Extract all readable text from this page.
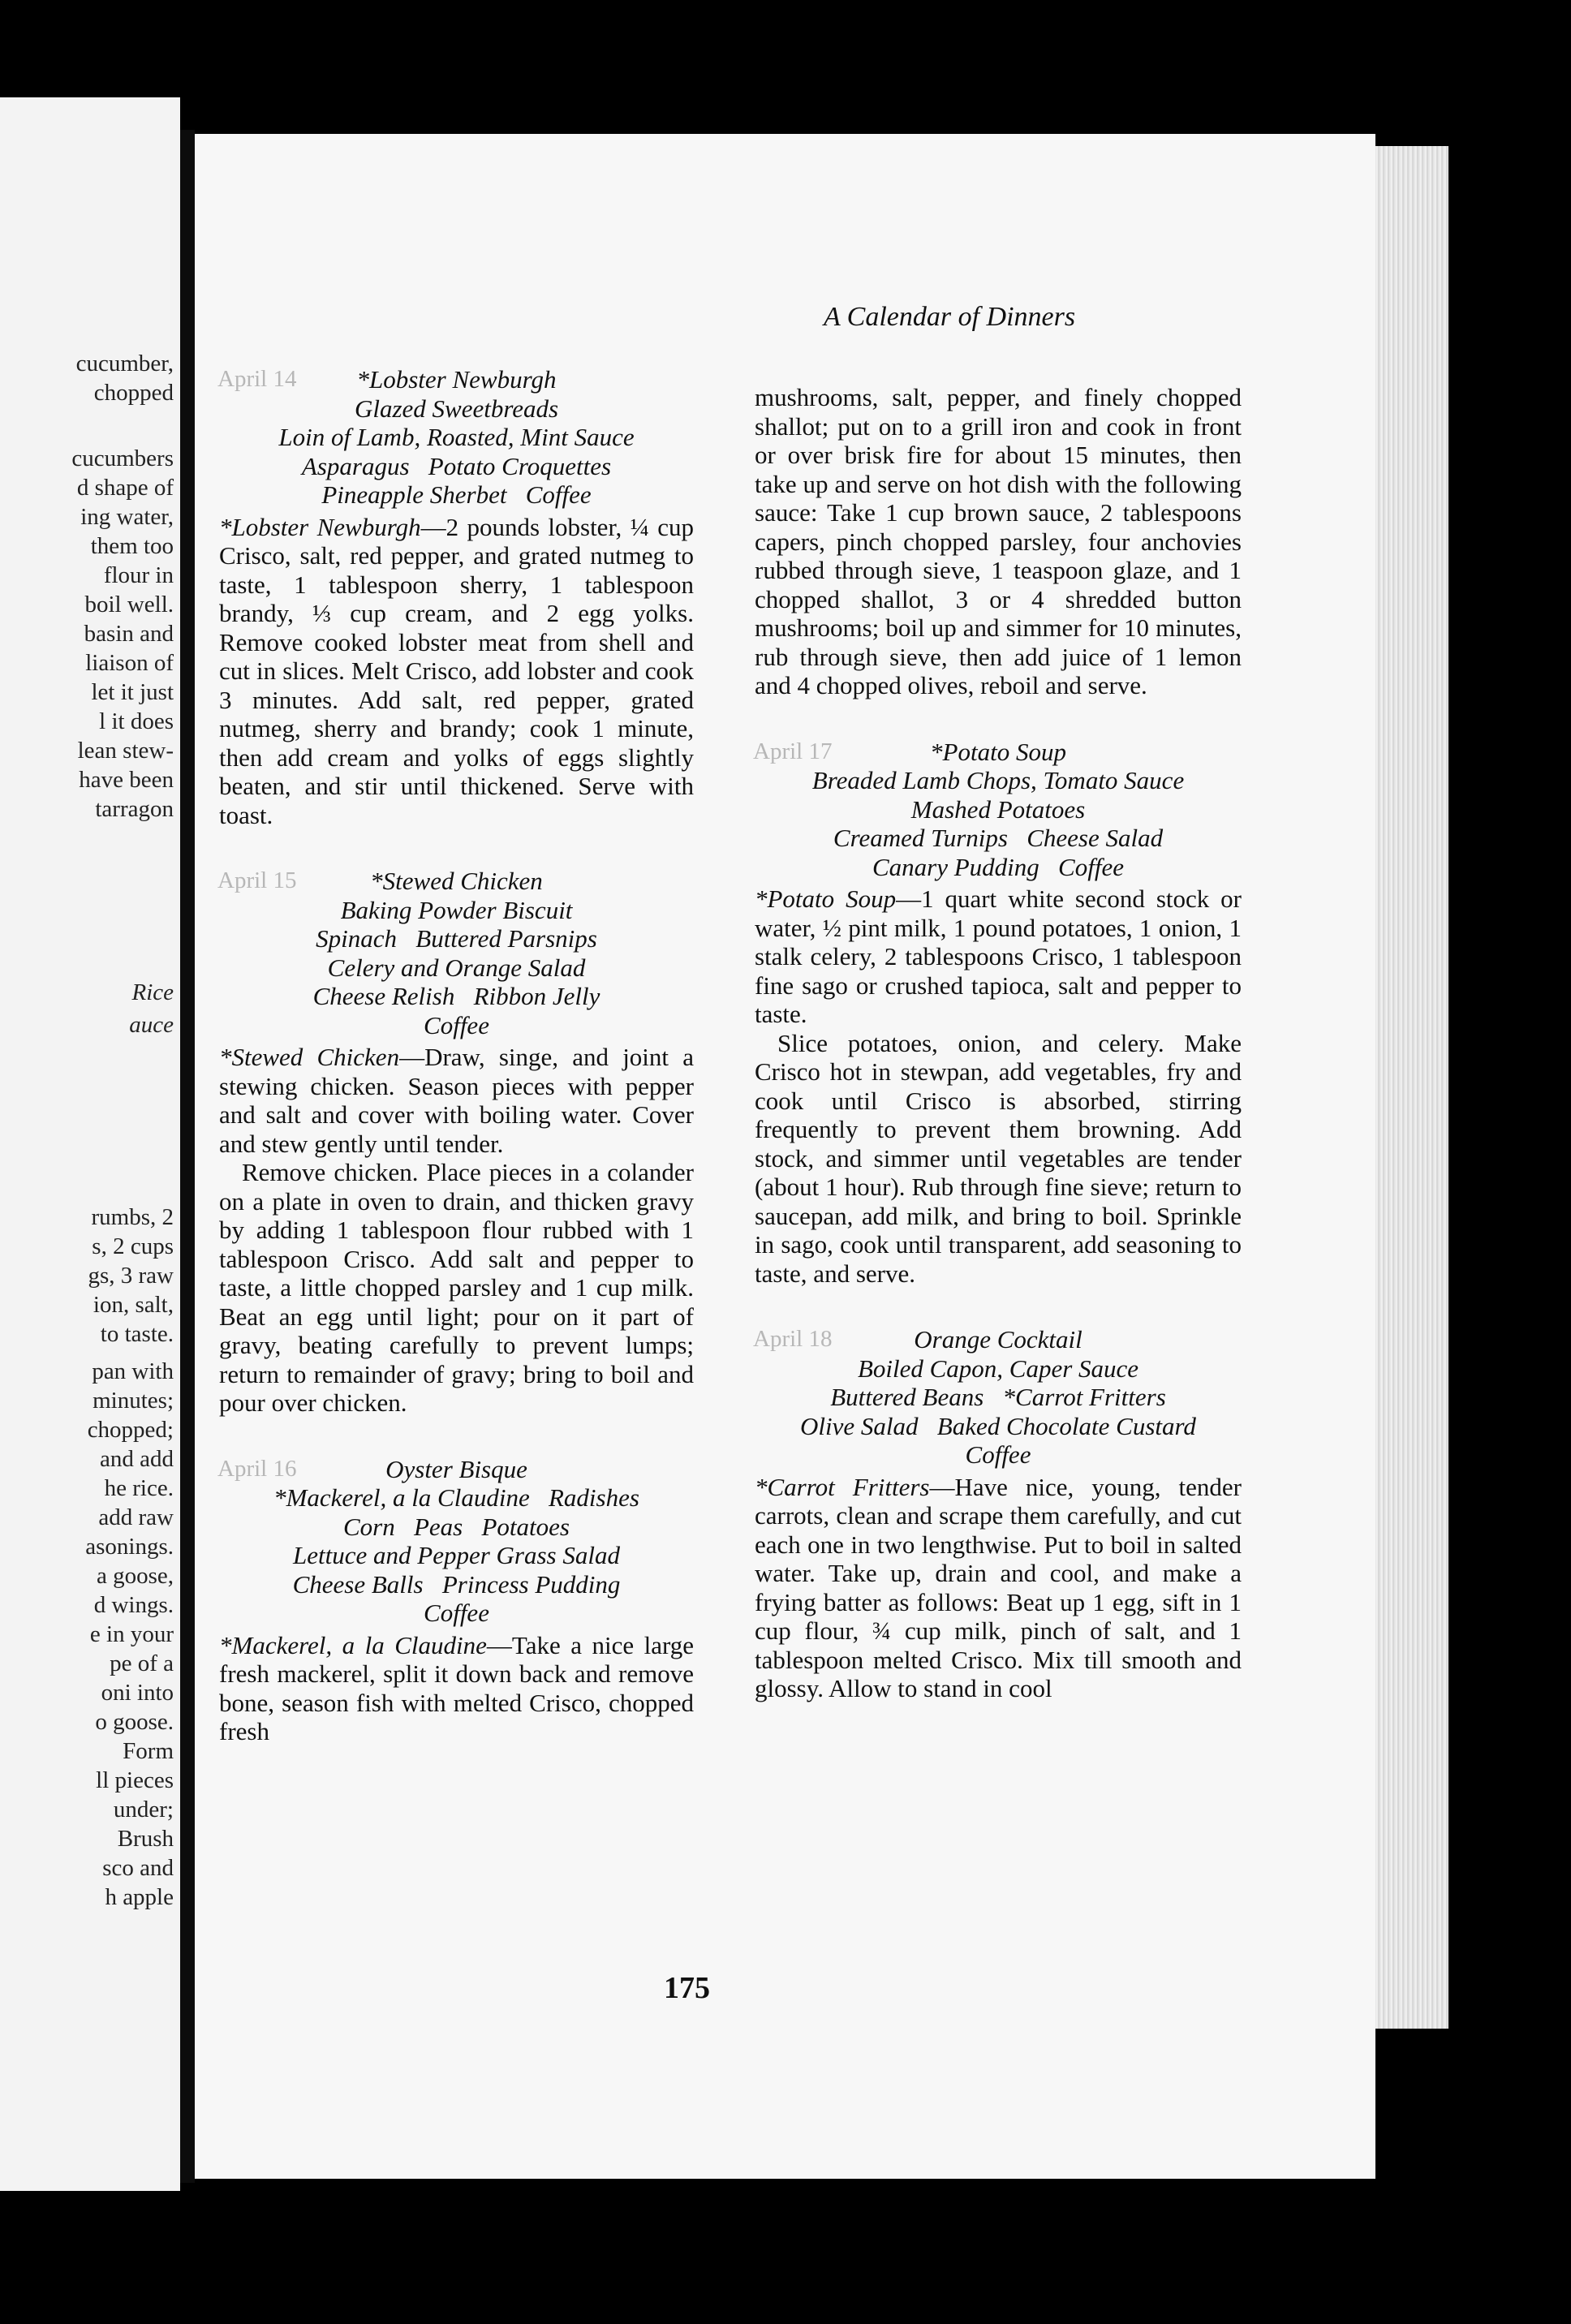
cucumber,
chopped
cucumbers
d shape of
ing water,
them too
flour in
boil well.
basin and
liaison of
let it just
l it does
lean stew-
have been
tarragon
Rice
auce
rumbs, 2
s, 2 cups
gs, 3 raw
ion, salt,
to taste.
pan with
minutes;
chopped;
and add
he rice.
add raw
asonings.
a goose,
d wings.
e in your
pe of a
oni into
o goose.
Form
ll pieces
under;
Brush
sco and
h apple
A Calendar of Dinners
April 14	*Lobster Newburgh
Glazed Sweetbreads
Loin of Lamb, Roasted, Mint Sauce
Asparagus   Potato Croquettes
Pineapple Sherbet   Coffee

*Lobster Newburgh—2 pounds lobster, ¼ cup Crisco, salt, red pepper, and grated nutmeg to taste, 1 tablespoon sherry, 1 tablespoon brandy, ⅓ cup cream, and 2 egg yolks. Remove cooked lobster meat from shell and cut in slices. Melt Crisco, add lobster and cook 3 minutes. Add salt, red pepper, grated nutmeg, sherry and brandy; cook 1 minute, then add cream and yolks of eggs slightly beaten, and stir until thickened. Serve with toast.

April 15	*Stewed Chicken
Baking Powder Biscuit
Spinach   Buttered Parsnips
Celery and Orange Salad
Cheese Relish   Ribbon Jelly
Coffee

*Stewed Chicken—Draw, singe, and joint a stewing chicken. Season pieces with pepper and salt and cover with boiling water. Cover and stew gently until tender.

Remove chicken. Place pieces in a colander on a plate in oven to drain, and thicken gravy by adding 1 tablespoon flour rubbed with 1 tablespoon Crisco. Add salt and pepper to taste, a little chopped parsley and 1 cup milk. Beat an egg until light; pour on it part of gravy, beating carefully to prevent lumps; return to remainder of gravy; bring to boil and pour over chicken.

April 16	Oyster Bisque
*Mackerel, a la Claudine   Radishes
Corn   Peas   Potatoes
Lettuce and Pepper Grass Salad
Cheese Balls   Princess Pudding
Coffee

*Mackerel, a la Claudine—Take a nice large fresh mackerel, split it down back and remove bone, season fish with melted Crisco, chopped fresh

mushrooms, salt, pepper, and finely chopped shallot; put on to a grill iron and cook in front or over brisk fire for about 15 minutes, then take up and serve on hot dish with the following sauce: Take 1 cup brown sauce, 2 tablespoons capers, pinch chopped parsley, four anchovies rubbed through sieve, 1 teaspoon glaze, and 1 chopped shallot, 3 or 4 shredded button mushrooms; boil up and simmer for 10 minutes, rub through sieve, then add juice of 1 lemon and 4 chopped olives, reboil and serve.

April 17	*Potato Soup
Breaded Lamb Chops, Tomato Sauce
Mashed Potatoes
Creamed Turnips   Cheese Salad
Canary Pudding   Coffee

*Potato Soup—1 quart white second stock or water, ½ pint milk, 1 pound potatoes, 1 onion, 1 stalk celery, 2 tablespoons Crisco, 1 tablespoon fine sago or crushed tapioca, salt and pepper to taste.

Slice potatoes, onion, and celery. Make Crisco hot in stewpan, add vegetables, fry and cook until Crisco is absorbed, stirring frequently to prevent them browning. Add stock, and simmer until vegetables are tender (about 1 hour). Rub through fine sieve; return to saucepan, add milk, and bring to boil. Sprinkle in sago, cook until transparent, add seasoning to taste, and serve.

April 18	Orange Cocktail
Boiled Capon, Caper Sauce
Buttered Beans   *Carrot Fritters
Olive Salad   Baked Chocolate Custard
Coffee

*Carrot Fritters—Have nice, young, tender carrots, clean and scrape them carefully, and cut each one in two lengthwise. Put to boil in salted water. Take up, drain and cool, and make a frying batter as follows: Beat up 1 egg, sift in 1 cup flour, ¾ cup milk, pinch of salt, and 1 tablespoon melted Crisco. Mix till smooth and glossy. Allow to stand in cool

175
